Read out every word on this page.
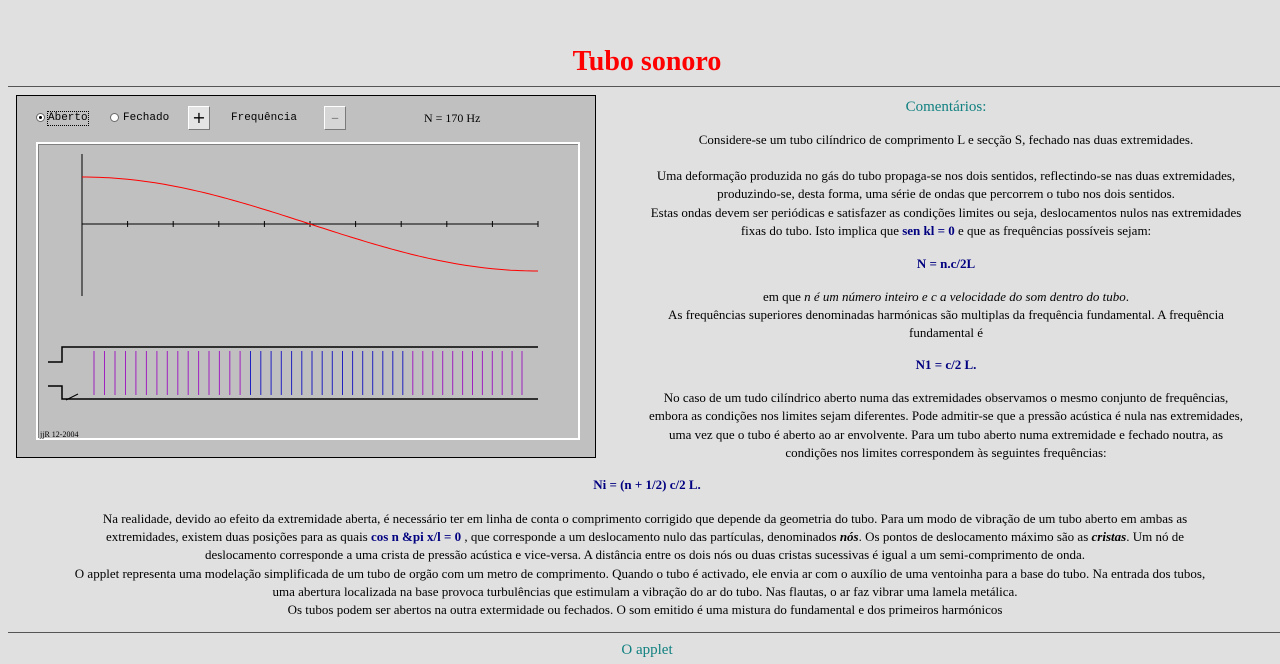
Tubo sonoro
Aberto	Fechado +	Frequência	–	N = 170 Hz
jjR 12-2004
Comentários:
Considere-se um tubo cilíndrico de comprimento L e secção S, fechado nas duas extremidades.
Uma deformação produzida no gás do tubo propaga-se nos dois sentidos, reflectindo-se nas duas extremidades,
produzindo-se, desta forma, uma série de ondas que percorrem o tubo nos dois sentidos.
Estas ondas devem ser periódicas e satisfazer as condições limites ou seja, deslocamentos nulos nas extremidades
fixas do tubo. Isto implica que sen kl = 0 e que as frequências possíveis sejam:
N = n.c/2L
em que n é um número inteiro e c a velocidade do som dentro do tubo.
As frequências superiores denominadas harmónicas são multiplas da frequência fundamental. A frequência
fundamental é
N1 = c/2 L.
No caso de um tudo cilíndrico aberto numa das extremidades observamos o mesmo conjunto de frequências,
embora as condições nos limites sejam diferentes. Pode admitir-se que a pressão acústica é nula nas extremidades,
uma vez que o tubo é aberto ao ar envolvente. Para um tubo aberto numa extremidade e fechado noutra, as
condições nos limites correspondem às seguintes frequências:
Ni = (n + 1/2) c/2 L.
Na realidade, devido ao efeito da extremidade aberta, é necessário ter em linha de conta o comprimento corrigido que depende da geometria do tubo. Para um modo de vibração de um tubo aberto em ambas as
extremidades, existem duas posições para as quais cos n &pi x/l = 0 , que corresponde a um deslocamento nulo das partículas, denominados nós. Os pontos de deslocamento máximo são as cristas. Um nó de
deslocamento corresponde a uma crista de pressão acústica e vice-versa. A distância entre os dois nós ou duas cristas sucessivas é igual a um semi-comprimento de onda.
O applet representa uma modelação simplificada de um tubo de orgão com um metro de comprimento. Quando o tubo é activado, ele envia ar com o auxílio de uma ventoinha para a base do tubo. Na entrada dos tubos,
uma abertura localizada na base provoca turbulências que estimulam a vibração do ar do tubo. Nas flautas, o ar faz vibrar uma lamela metálica.
Os tubos podem ser abertos na outra extermidade ou fechados. O som emitido é uma mistura do fundamental e dos primeiros harmónicos
O applet
